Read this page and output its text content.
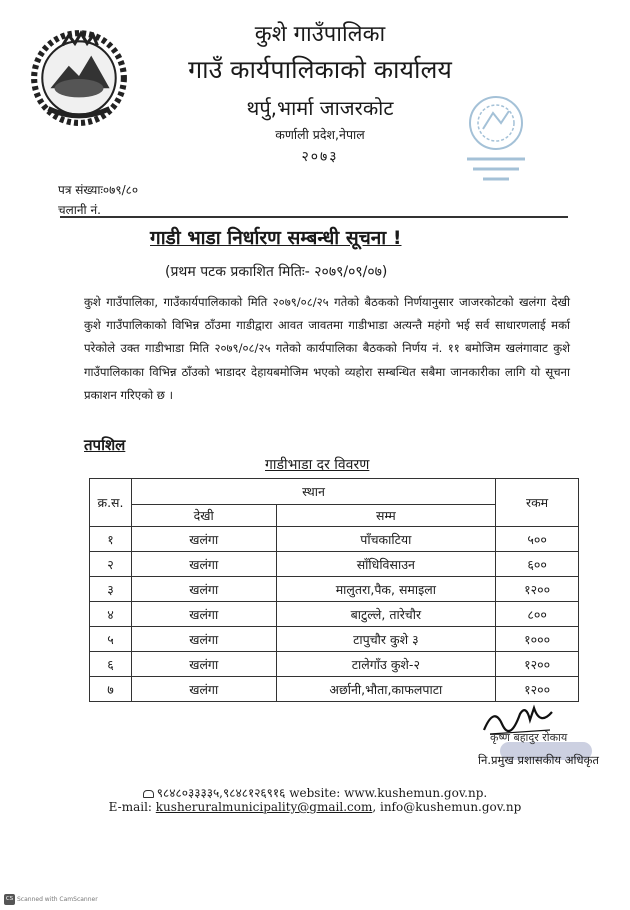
कुशे गाउँपालिका
गाउँ कार्यपालिकाको कार्यालय
थर्पु,भार्मा जाजरकोट
कर्णाली प्रदेश,नेपाल
२०७३
पत्र संख्याः०७९/८०
चलानी नं.
गाडी भाडा निर्धारण सम्बन्धी सूचना !
(प्रथम पटक प्रकाशित मितिः- २०७९/०९/०७)

कुशे गाउँपालिका, गाउँकार्यपालिकाको मिति २०७९/०८/२५ गतेको बैठकको निर्णयानुसार जाजरकोटको खलंगा देखी कुशे गाउँपालिकाको विभिन्न ठाँउमा गाडीद्वारा आवत जावतमा गाडीभाडा अत्यन्तै महंगो भई सर्व साधारणलाई मर्का परेकोले उक्त गाडीभाडा मिति २०७९/०८/२५ गतेको कार्यपालिका बैठकको निर्णय नं. ११ बमोजिम खलंगावाट कुशे गाउँपालिकाका विभिन्न ठाँउको भाडादर देहायबमोजिम भएको व्यहोरा सम्बन्धित सबैमा जानकारीका लागि यो सूचना प्रकाशन गरिएको छ ।

तपशिल
गाडीभाडा दर विवरण
क्र.स.	स्थान		रकम
	देखी	सम्म	
१	खलंगा	पाँचकाटिया	५००
२	खलंगा	साँधिविसाउन	६००
३	खलंगा	मालुतरा,पैक, समाइला	१२००
४	खलंगा	बाटुल्ले, तारेचौर	८००
५	खलंगा	टापुचौर कुशे ३	१०००
६	खलंगा	टालेगाँउ कुशे-२	१२००
७	खलंगा	अर्छानी,भौता,काफलपाटा	१२००
कृष्ण बहादुर रोकाय
नि.प्रमुख प्रशासकीय अधिकृत
९८४८०३३३३५,९८४८१२६९१६ website: www.kushemun.gov.np.
E-mail: kusheruralmunicipality@gmail.com, info@kushemun.gov.np
CS Scanned with CamScanner
